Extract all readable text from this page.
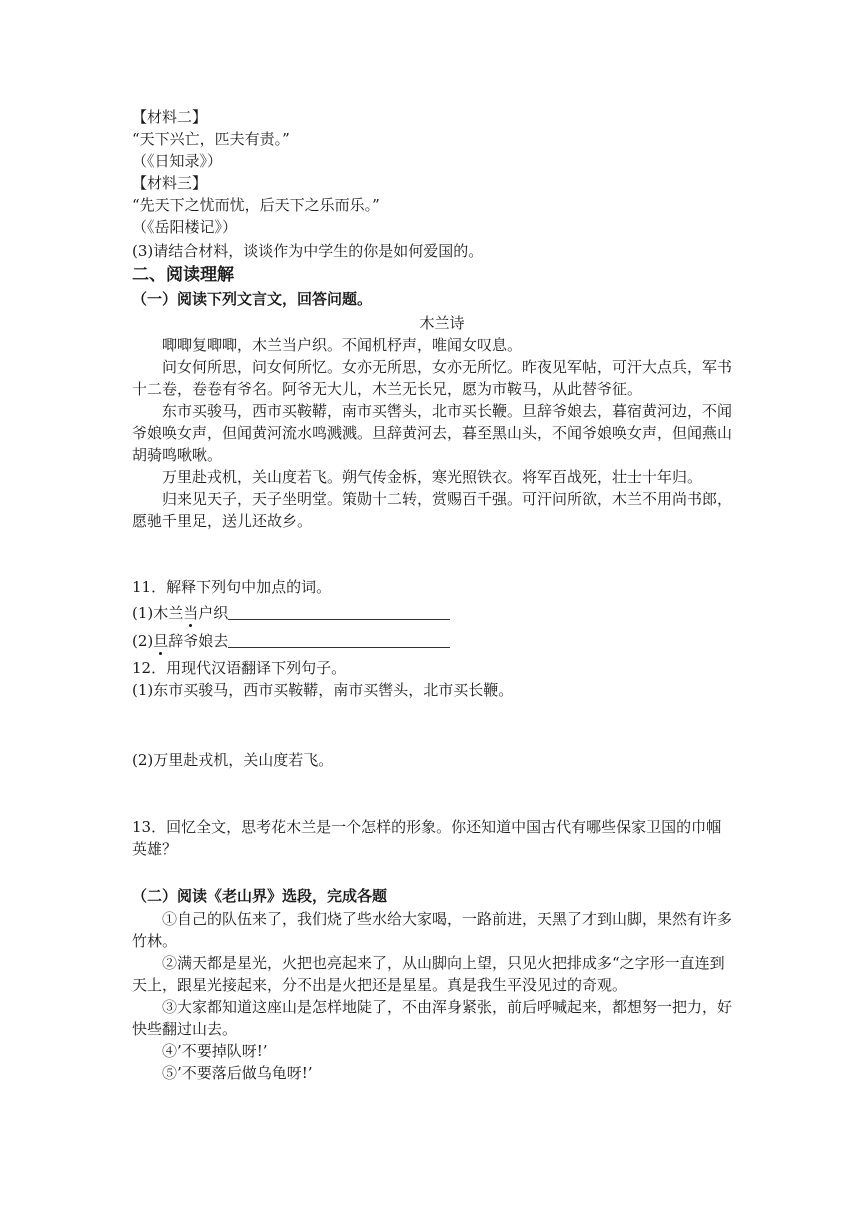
【材料二】
“天下兴亡，匹夫有责。”
（《日知录》）
【材料三】
“先天下之忧而忧，后天下之乐而乐。”
（《岳阳楼记》）
(3)请结合材料，谈谈作为中学生的你是如何爱国的。
二、阅读理解
（一）阅读下列文言文，回答问题。
木兰诗
唧唧复唧唧，木兰当户织。不闻机杼声，唯闻女叹息。
问女何所思，问女何所忆。女亦无所思，女亦无所忆。昨夜见军帖，可汗大点兵，军书十二卷，卷卷有爷名。阿爷无大儿，木兰无长兄，愿为市鞍马，从此替爷征。
东市买骏马，西市买鞍鞯，南市买辔头，北市买长鞭。旦辞爷娘去，暮宿黄河边，不闻爷娘唤女声，但闻黄河流水鸣溅溅。旦辞黄河去，暮至黑山头，不闻爷娘唤女声，但闻燕山胡骑鸣啾啾。
万里赴戎机，关山度若飞。朔气传金柝，寒光照铁衣。将军百战死，壮士十年归。
归来见天子，天子坐明堂。策勋十二转，赏赐百千强。可汗问所欲，木兰不用尚书郎，愿驰千里足，送儿还故乡。
11．解释下列句中加点的词。
(1)木兰当户织
(2)旦辞爷娘去
12．用现代汉语翻译下列句子。
(1)东市买骏马，西市买鞍鞯，南市买辔头，北市买长鞭。
(2)万里赴戎机，关山度若飞。
13．回忆全文，思考花木兰是一个怎样的形象。你还知道中国古代有哪些保家卫国的巾帼英雄？
（二）阅读《老山界》选段，完成各题
①自己的队伍来了，我们烧了些水给大家喝，一路前进，天黑了才到山脚，果然有许多竹林。
②满天都是星光，火把也亮起来了，从山脚向上望，只见火把排成多“之字形一直连到天上，跟星光接起来，分不出是火把还是星星。真是我生平没见过的奇观。
③大家都知道这座山是怎样地陡了，不由浑身紧张，前后呼喊起来，都想努一把力，好快些翻过山去。
④’不要掉队呀!’
⑤’不要落后做乌龟呀!’
